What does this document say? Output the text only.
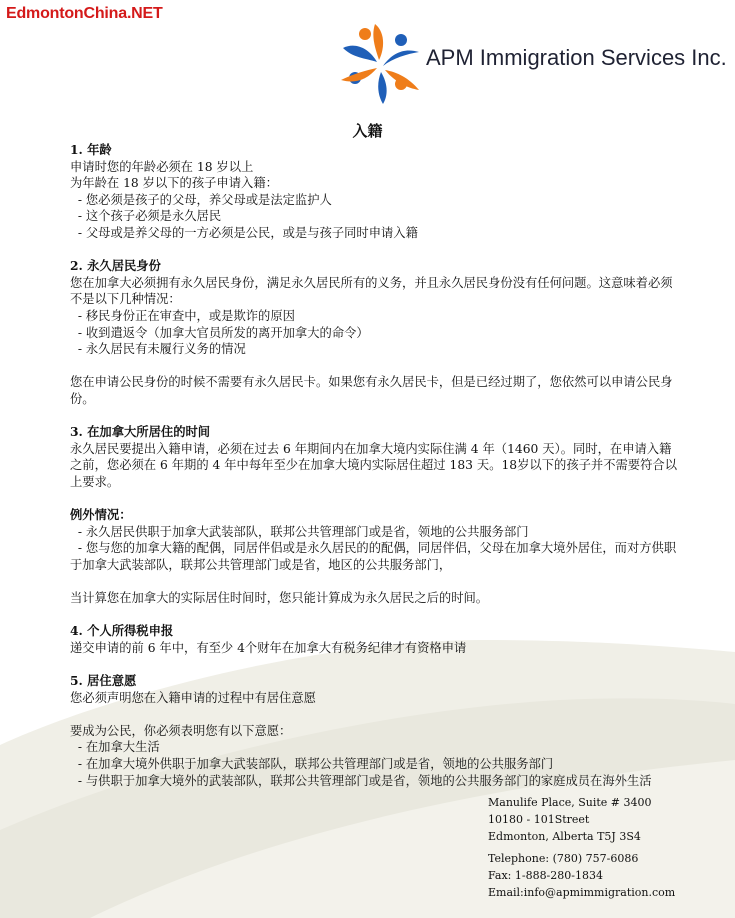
EdmontonChina.NET
APM Immigration Services Inc.
入籍
1. 年龄
申请时您的年龄必须在 18 岁以上
为年龄在 18 岁以下的孩子申请入籍：
- 您必须是孩子的父母，养父母或是法定监护人
- 这个孩子必须是永久居民
- 父母或是养父母的一方必须是公民，或是与孩子同时申请入籍
2. 永久居民身份
您在加拿大必须拥有永久居民身份，满足永久居民所有的义务，并且永久居民身份没有任何问题。这意味着必须不是以下几种情况：
- 移民身份正在审查中，或是欺诈的原因
- 收到遣返令（加拿大官员所发的离开加拿大的命令）
- 永久居民有未履行义务的情况
您在申请公民身份的时候不需要有永久居民卡。如果您有永久居民卡，但是已经过期了，您依然可以申请公民身份。
3. 在加拿大所居住的时间
永久居民要提出入籍申请，必须在过去 6 年期间内在加拿大境内实际住满 4 年（1460 天）。同时，在申请入籍之前，您必须在 6 年期的 4 年中每年至少在加拿大境内实际居住超过 183 天。18岁以下的孩子并不需要符合以上要求。
例外情况：
- 永久居民供职于加拿大武装部队，联邦公共管理部门或是省，领地的公共服务部门
- 您与您的加拿大籍的配偶，同居伴侣或是永久居民的的配偶，同居伴侣，父母在加拿大境外居住，而对方供职于加拿大武装部队，联邦公共管理部门或是省，地区的公共服务部门，
当计算您在加拿大的实际居住时间时，您只能计算成为永久居民之后的时间。
4. 个人所得税申报
递交申请的前 6 年中，有至少 4个财年在加拿大有税务纪律才有资格申请
5. 居住意愿
您必须声明您在入籍申请的过程中有居住意愿
要成为公民，你必须表明您有以下意愿：
- 在加拿大生活
- 在加拿大境外供职于加拿大武装部队，联邦公共管理部门或是省，领地的公共服务部门
- 与供职于加拿大境外的武装部队，联邦公共管理部门或是省，领地的公共服务部门的家庭成员在海外生活
Manulife Place, Suite # 3400
10180 - 101Street
Edmonton, Alberta T5J 3S4
Telephone: (780) 757-6086
Fax: 1-888-280-1834
Email:info@apmimmigration.com
